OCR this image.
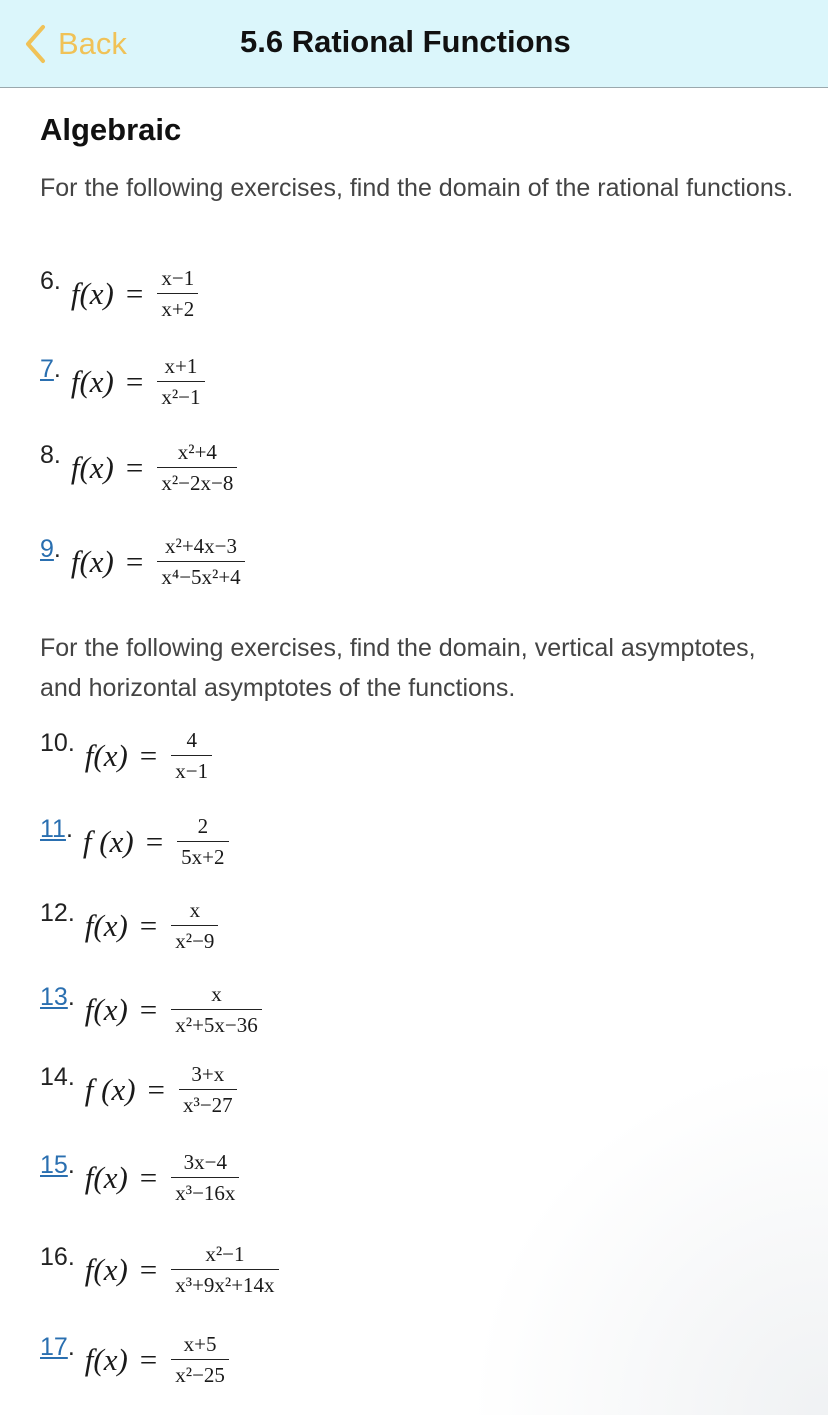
Back	5.6 Rational Functions
Algebraic

For the following exercises, find the domain of the rational functions.

For the following exercises, find the domain, vertical asymptotes, and horizontal asymptotes of the functions.

6. $f(x) = \frac{x-1}{x+2}$
7. $f(x) = \frac{x+1}{\text{x²−1}}$
8. $f(x) = \frac{\text{x²+4}}{\text{x²−2x−8}}$
9. $f(x) = \frac{\text{x²+4x−3}}{\text{x⁴−5x²+4}}$
10. $f(x) = \frac{4}{x-1}$
11. f $(x) = \frac{2}{5x+2}$
12. $f(x) = \frac{x}{\text{x²−9}}$
13. $f(x) = \frac{x}{\text{x²+5x−36}}$
14. f $(x) = \frac{3+x}{\text{x³−27}}$
15. $f(x) = \frac{3x-4}{\text{x³−16x}}$
16. $f(x) = \frac{\text{x²−1}}{\text{x³+9x²+14x}}$
17. $f(x) = \frac{x+5}{\text{x²−25}}$
